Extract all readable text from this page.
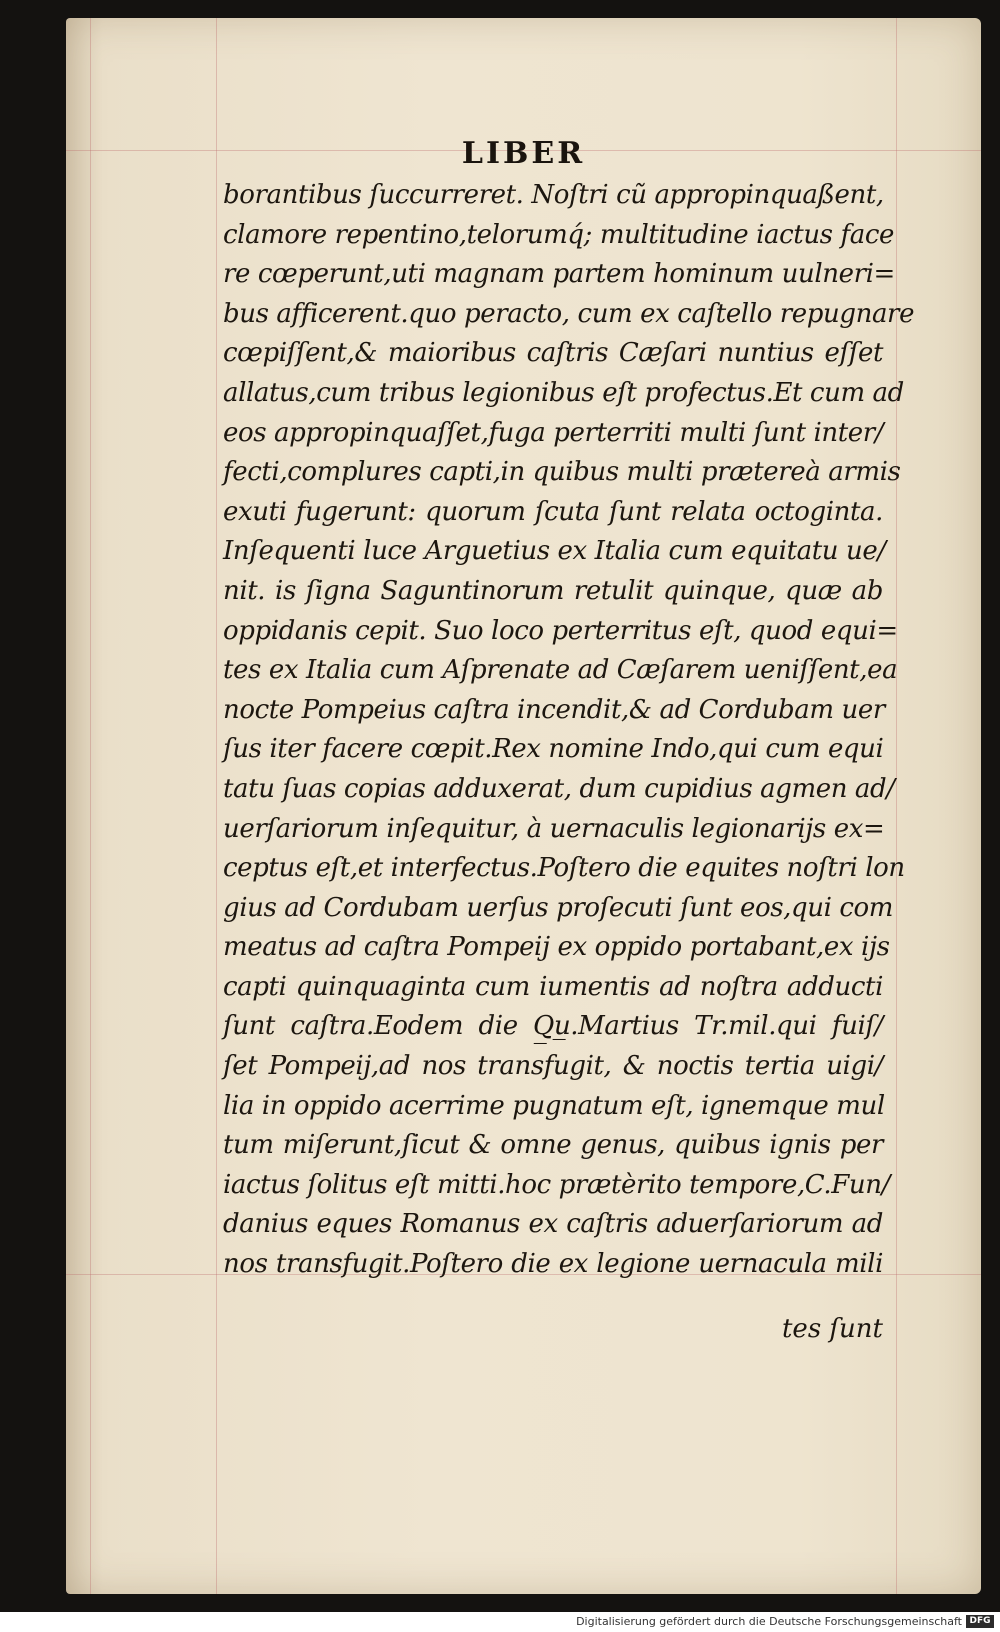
LIBER
borantibus ſuccurreret. Noſtri cũ appropinquaßent,
clamore repentino,telorumq́; multitudine iactus face
re cœperunt,uti magnam partem hominum uulneri=
bus afficerent.quo peracto, cum ex caſtello repugnare
cœpiſſent,& maioribus caſtris Cæſari nuntius eſſet
allatus,cum tribus legionibus eſt profectus.Et cum ad
eos appropinquaſſet,fuga perterriti multi ſunt inter/
fecti,complures capti,in quibus multi prætereà armis
exuti fugerunt: quorum ſcuta ſunt relata octoginta.
Inſequenti luce Arguetius ex Italia cum equitatu ue/
nit. is ſigna Saguntinorum retulit quinque, quæ ab
oppidanis cepit. Suo loco perterritus eſt, quod equi=
tes ex Italia cum Aſprenate ad Cæſarem ueniſſent,ea
nocte Pompeius caſtra incendit,& ad Cordubam uer
ſus iter facere cœpit.Rex nomine Indo,qui cum equi
tatu ſuas copias adduxerat, dum cupidius agmen ad/
uerſariorum inſequitur, à uernaculis legionarijs ex=
ceptus eſt,et interfectus.Poſtero die equites noſtri lon
gius ad Cordubam uerſus proſecuti ſunt eos,qui com
meatus ad caſtra Pompeij ex oppido portabant,ex ijs
capti quinquaginta cum iumentis ad noſtra adducti
ſunt caſtra.Eodem die Q̲u̲.Martius Tr.mil.qui fuiſ/
ſet Pompeij,ad nos transfugit, & noctis tertia uigi/
lia in oppido acerrime pugnatum eſt, ignemque mul
tum miſerunt,ſicut & omne genus, quibus ignis per
iactus ſolitus eſt mitti.hoc prætèrito tempore,C.Fun/
danius eques Romanus ex caſtris aduerſariorum ad
nos transfugit.Poſtero die ex legione uernacula mili
tes ſunt
Digitalisierung gefördert durch die Deutsche Forschungsgemeinschaft DFG
